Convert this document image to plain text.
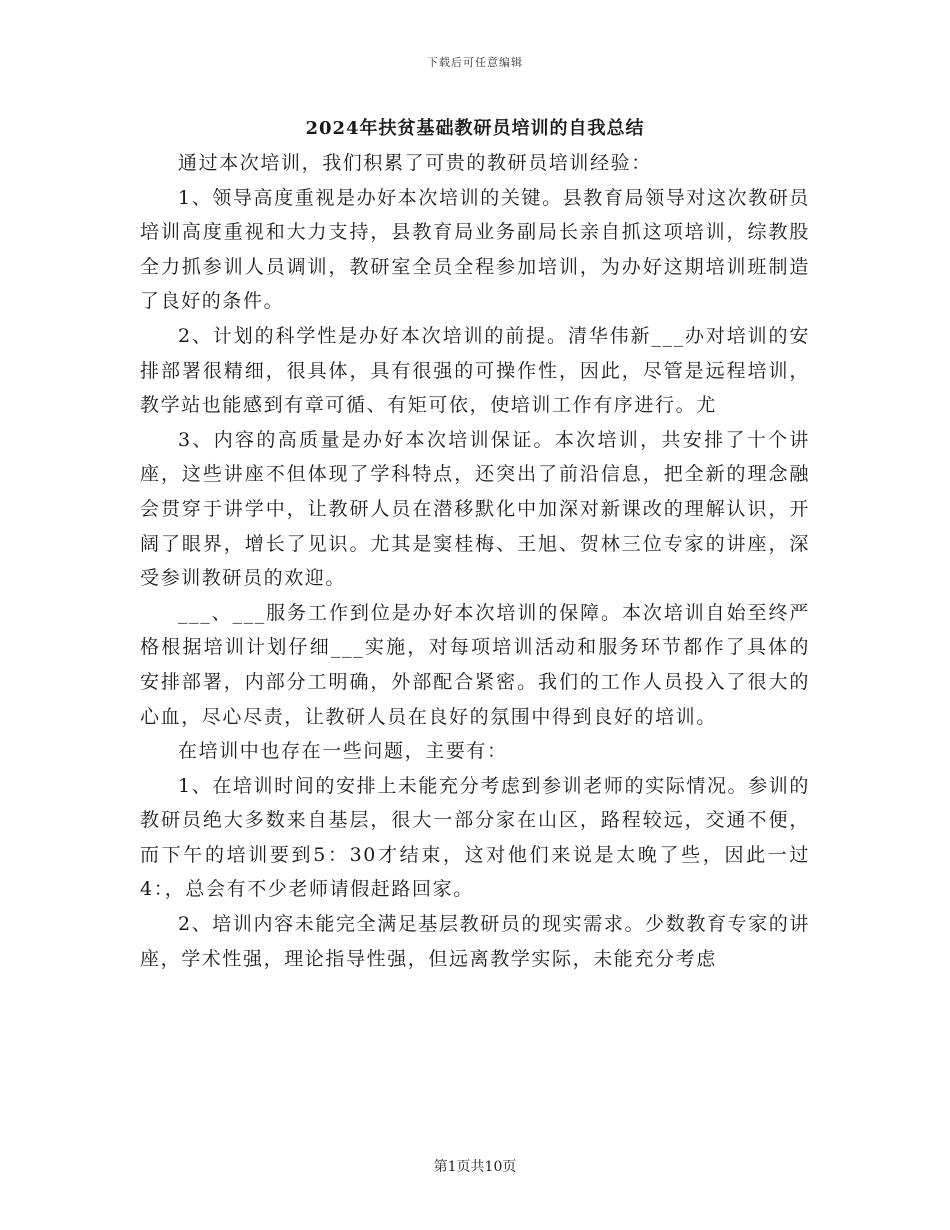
下载后可任意编辑
2024年扶贫基础教研员培训的自我总结

通过本次培训，我们积累了可贵的教研员培训经验：

1、领导高度重视是办好本次培训的关键。县教育局领导对这次教研员培训高度重视和大力支持，县教育局业务副局长亲自抓这项培训，综教股全力抓参训人员调训，教研室全员全程参加培训，为办好这期培训班制造了良好的条件。

2、计划的科学性是办好本次培训的前提。清华伟新___办对培训的安排部署很精细，很具体，具有很强的可操作性，因此，尽管是远程培训，教学站也能感到有章可循、有矩可依，使培训工作有序进行。尤

3、内容的高质量是办好本次培训保证。本次培训，共安排了十个讲座，这些讲座不但体现了学科特点，还突出了前沿信息，把全新的理念融会贯穿于讲学中，让教研人员在潜移默化中加深对新课改的理解认识，开阔了眼界，增长了见识。尤其是窦桂梅、王旭、贺林三位专家的讲座，深受参训教研员的欢迎。

___、___服务工作到位是办好本次培训的保障。本次培训自始至终严格根据培训计划仔细___实施，对每项培训活动和服务环节都作了具体的安排部署，内部分工明确，外部配合紧密。我们的工作人员投入了很大的心血，尽心尽责，让教研人员在良好的氛围中得到良好的培训。

在培训中也存在一些问题，主要有：

1、在培训时间的安排上未能充分考虑到参训老师的实际情况。参训的教研员绝大多数来自基层，很大一部分家在山区，路程较远，交通不便，而下午的培训要到5：30才结束，这对他们来说是太晚了些，因此一过4：，总会有不少老师请假赶路回家。

2、培训内容未能完全满足基层教研员的现实需求。少数教育专家的讲座，学术性强，理论指导性强，但远离教学实际，未能充分考虑

第1页共10页
